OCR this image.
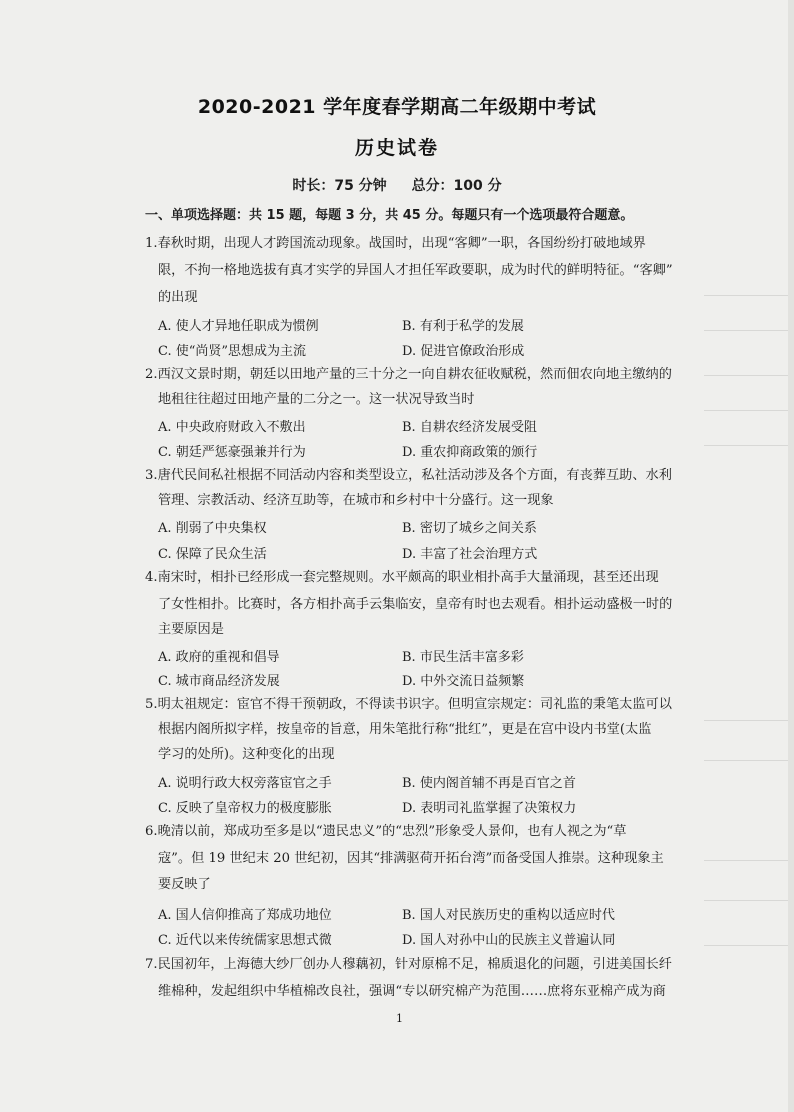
2020-2021 学年度春学期高二年级期中考试
历史试卷
时长：75 分钟 总分：100 分
一、单项选择题：共 15 题，每题 3 分，共 45 分。每题只有一个选项最符合题意。
1.春秋时期，出现人才跨国流动现象。战国时，出现“客卿”一职，各国纷纷打破地域界
限，不拘一格地选拔有真才实学的异国人才担任军政要职，成为时代的鲜明特征。“客卿”
的出现
A. 使人才异地任职成为惯例	B. 有利于私学的发展
C. 使“尚贤”思想成为主流	D. 促进官僚政治形成
2.西汉文景时期，朝廷以田地产量的三十分之一向自耕农征收赋税，然而佃农向地主缴纳的
地租往往超过田地产量的二分之一。这一状况导致当时
A. 中央政府财政入不敷出	B. 自耕农经济发展受阻
C. 朝廷严惩豪强兼并行为	D. 重农抑商政策的颁行
3.唐代民间私社根据不同活动内容和类型设立，私社活动涉及各个方面，有丧葬互助、水利
管理、宗教活动、经济互助等，在城市和乡村中十分盛行。这一现象
A. 削弱了中央集权	B. 密切了城乡之间关系
C. 保障了民众生活	D. 丰富了社会治理方式
4.南宋时，相扑已经形成一套完整规则。水平颇高的职业相扑高手大量涌现，甚至还出现
了女性相扑。比赛时，各方相扑高手云集临安，皇帝有时也去观看。相扑运动盛极一时的
主要原因是
A. 政府的重视和倡导	B. 市民生活丰富多彩
C. 城市商品经济发展	D. 中外交流日益频繁
5.明太祖规定：宦官不得干预朝政，不得读书识字。但明宣宗规定：司礼监的秉笔太监可以
根据内阁所拟字样，按皇帝的旨意，用朱笔批行称“批红”，更是在宫中设内书堂(太监
学习的处所)。这种变化的出现
A. 说明行政大权旁落宦官之手	B. 使内阁首辅不再是百官之首
C. 反映了皇帝权力的极度膨胀	D. 表明司礼监掌握了决策权力
6.晚清以前，郑成功至多是以“遗民忠义”的“忠烈”形象受人景仰，也有人视之为“草
寇”。但 19 世纪末 20 世纪初，因其“排满驱荷开拓台湾”而备受国人推崇。这种现象主
要反映了
A. 国人信仰推高了郑成功地位	B. 国人对民族历史的重构以适应时代
C. 近代以来传统儒家思想式微	D. 国人对孙中山的民族主义普遍认同
7.民国初年，上海德大纱厂创办人穆藕初，针对原棉不足，棉质退化的问题，引进美国长纤
维棉种，发起组织中华植棉改良社，强调“专以研究棉产为范围……庶将东亚棉产成为商
1
